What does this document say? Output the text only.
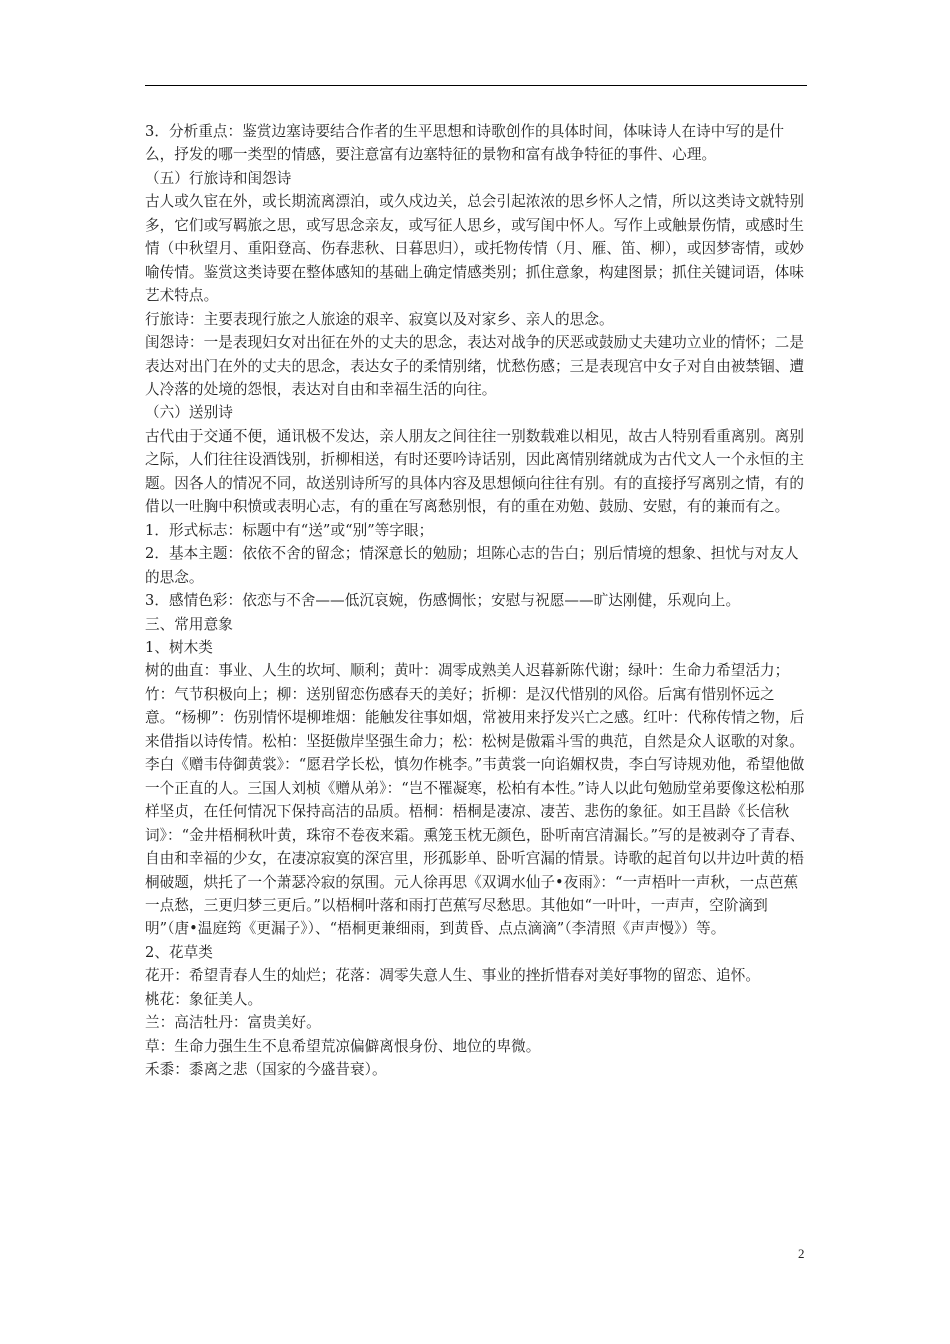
3．分析重点：鉴赏边塞诗要结合作者的生平思想和诗歌创作的具体时间，体味诗人在诗中写的是什么，抒发的哪一类型的情感，要注意富有边塞特征的景物和富有战争特征的事件、心理。

（五）行旅诗和闺怨诗

古人或久宦在外，或长期流离漂泊，或久戍边关，总会引起浓浓的思乡怀人之情，所以这类诗文就特别多，它们或写羁旅之思，或写思念亲友，或写征人思乡，或写闺中怀人。写作上或触景伤情，或感时生情（中秋望月、重阳登高、伤春悲秋、日暮思归），或托物传情（月、雁、笛、柳），或因梦寄情，或妙喻传情。鉴赏这类诗要在整体感知的基础上确定情感类别；抓住意象，构建图景；抓住关键词语，体味艺术特点。

行旅诗：主要表现行旅之人旅途的艰辛、寂寞以及对家乡、亲人的思念。

闺怨诗：一是表现妇女对出征在外的丈夫的思念，表达对战争的厌恶或鼓励丈夫建功立业的情怀；二是表达对出门在外的丈夫的思念，表达女子的柔情别绪，忧愁伤感；三是表现宫中女子对自由被禁锢、遭人冷落的处境的怨恨，表达对自由和幸福生活的向往。

（六）送别诗

古代由于交通不便，通讯极不发达，亲人朋友之间往往一别数载难以相见，故古人特别看重离别。离别之际，人们往往设酒饯别，折柳相送，有时还要吟诗话别，因此离情别绪就成为古代文人一个永恒的主题。因各人的情况不同，故送别诗所写的具体内容及思想倾向往往有别。有的直接抒写离别之情，有的借以一吐胸中积愤或表明心志，有的重在写离愁别恨，有的重在劝勉、鼓励、安慰，有的兼而有之。

1．形式标志：标题中有“送”或“别”等字眼；

2．基本主题：依依不舍的留念；情深意长的勉励；坦陈心志的告白；别后情境的想象、担忧与对友人的思念。

3．感情色彩：依恋与不舍——低沉哀婉，伤感惆怅；安慰与祝愿——旷达刚健，乐观向上。

三、常用意象

1、树木类

树的曲直：事业、人生的坎坷、顺利；黄叶：凋零成熟美人迟暮新陈代谢；绿叶：生命力希望活力；竹：气节积极向上；柳：送别留恋伤感春天的美好；折柳：是汉代惜别的风俗。后寓有惜别怀远之意。“杨柳”：伤别情怀堤柳堆烟：能触发往事如烟，常被用来抒发兴亡之感。红叶：代称传情之物，后来借指以诗传情。松柏：坚挺傲岸坚强生命力；松：松树是傲霜斗雪的典范，自然是众人讴歌的对象。李白《赠韦侍御黄裳》：“愿君学长松，慎勿作桃李。”韦黄裳一向谄媚权贵，李白写诗规劝他，希望他做一个正直的人。三国人刘桢《赠从弟》：“岂不罹凝寒，松柏有本性。”诗人以此句勉励堂弟要像这松柏那样坚贞，在任何情况下保持高洁的品质。梧桐：梧桐是凄凉、凄苦、悲伤的象征。如王昌龄《长信秋词》：“金井梧桐秋叶黄，珠帘不卷夜来霜。熏笼玉枕无颜色，卧听南宫清漏长。”写的是被剥夺了青春、自由和幸福的少女，在凄凉寂寞的深宫里，形孤影单、卧听宫漏的情景。诗歌的起首句以井边叶黄的梧桐破题，烘托了一个萧瑟冷寂的氛围。元人徐再思《双调水仙子•夜雨》：“一声梧叶一声秋，一点芭蕉一点愁，三更归梦三更后。”以梧桐叶落和雨打芭蕉写尽愁思。其他如“一叶叶，一声声，空阶滴到明”（唐•温庭筠《更漏子》）、“梧桐更兼细雨，到黄昏、点点滴滴”（李清照《声声慢》）等。

2、花草类

花开：希望青春人生的灿烂；花落：凋零失意人生、事业的挫折惜春对美好事物的留恋、追怀。

桃花：象征美人。

兰：高洁牡丹：富贵美好。

草：生命力强生生不息希望荒凉偏僻离恨身份、地位的卑微。

禾黍：黍离之悲（国家的今盛昔衰）。

2
